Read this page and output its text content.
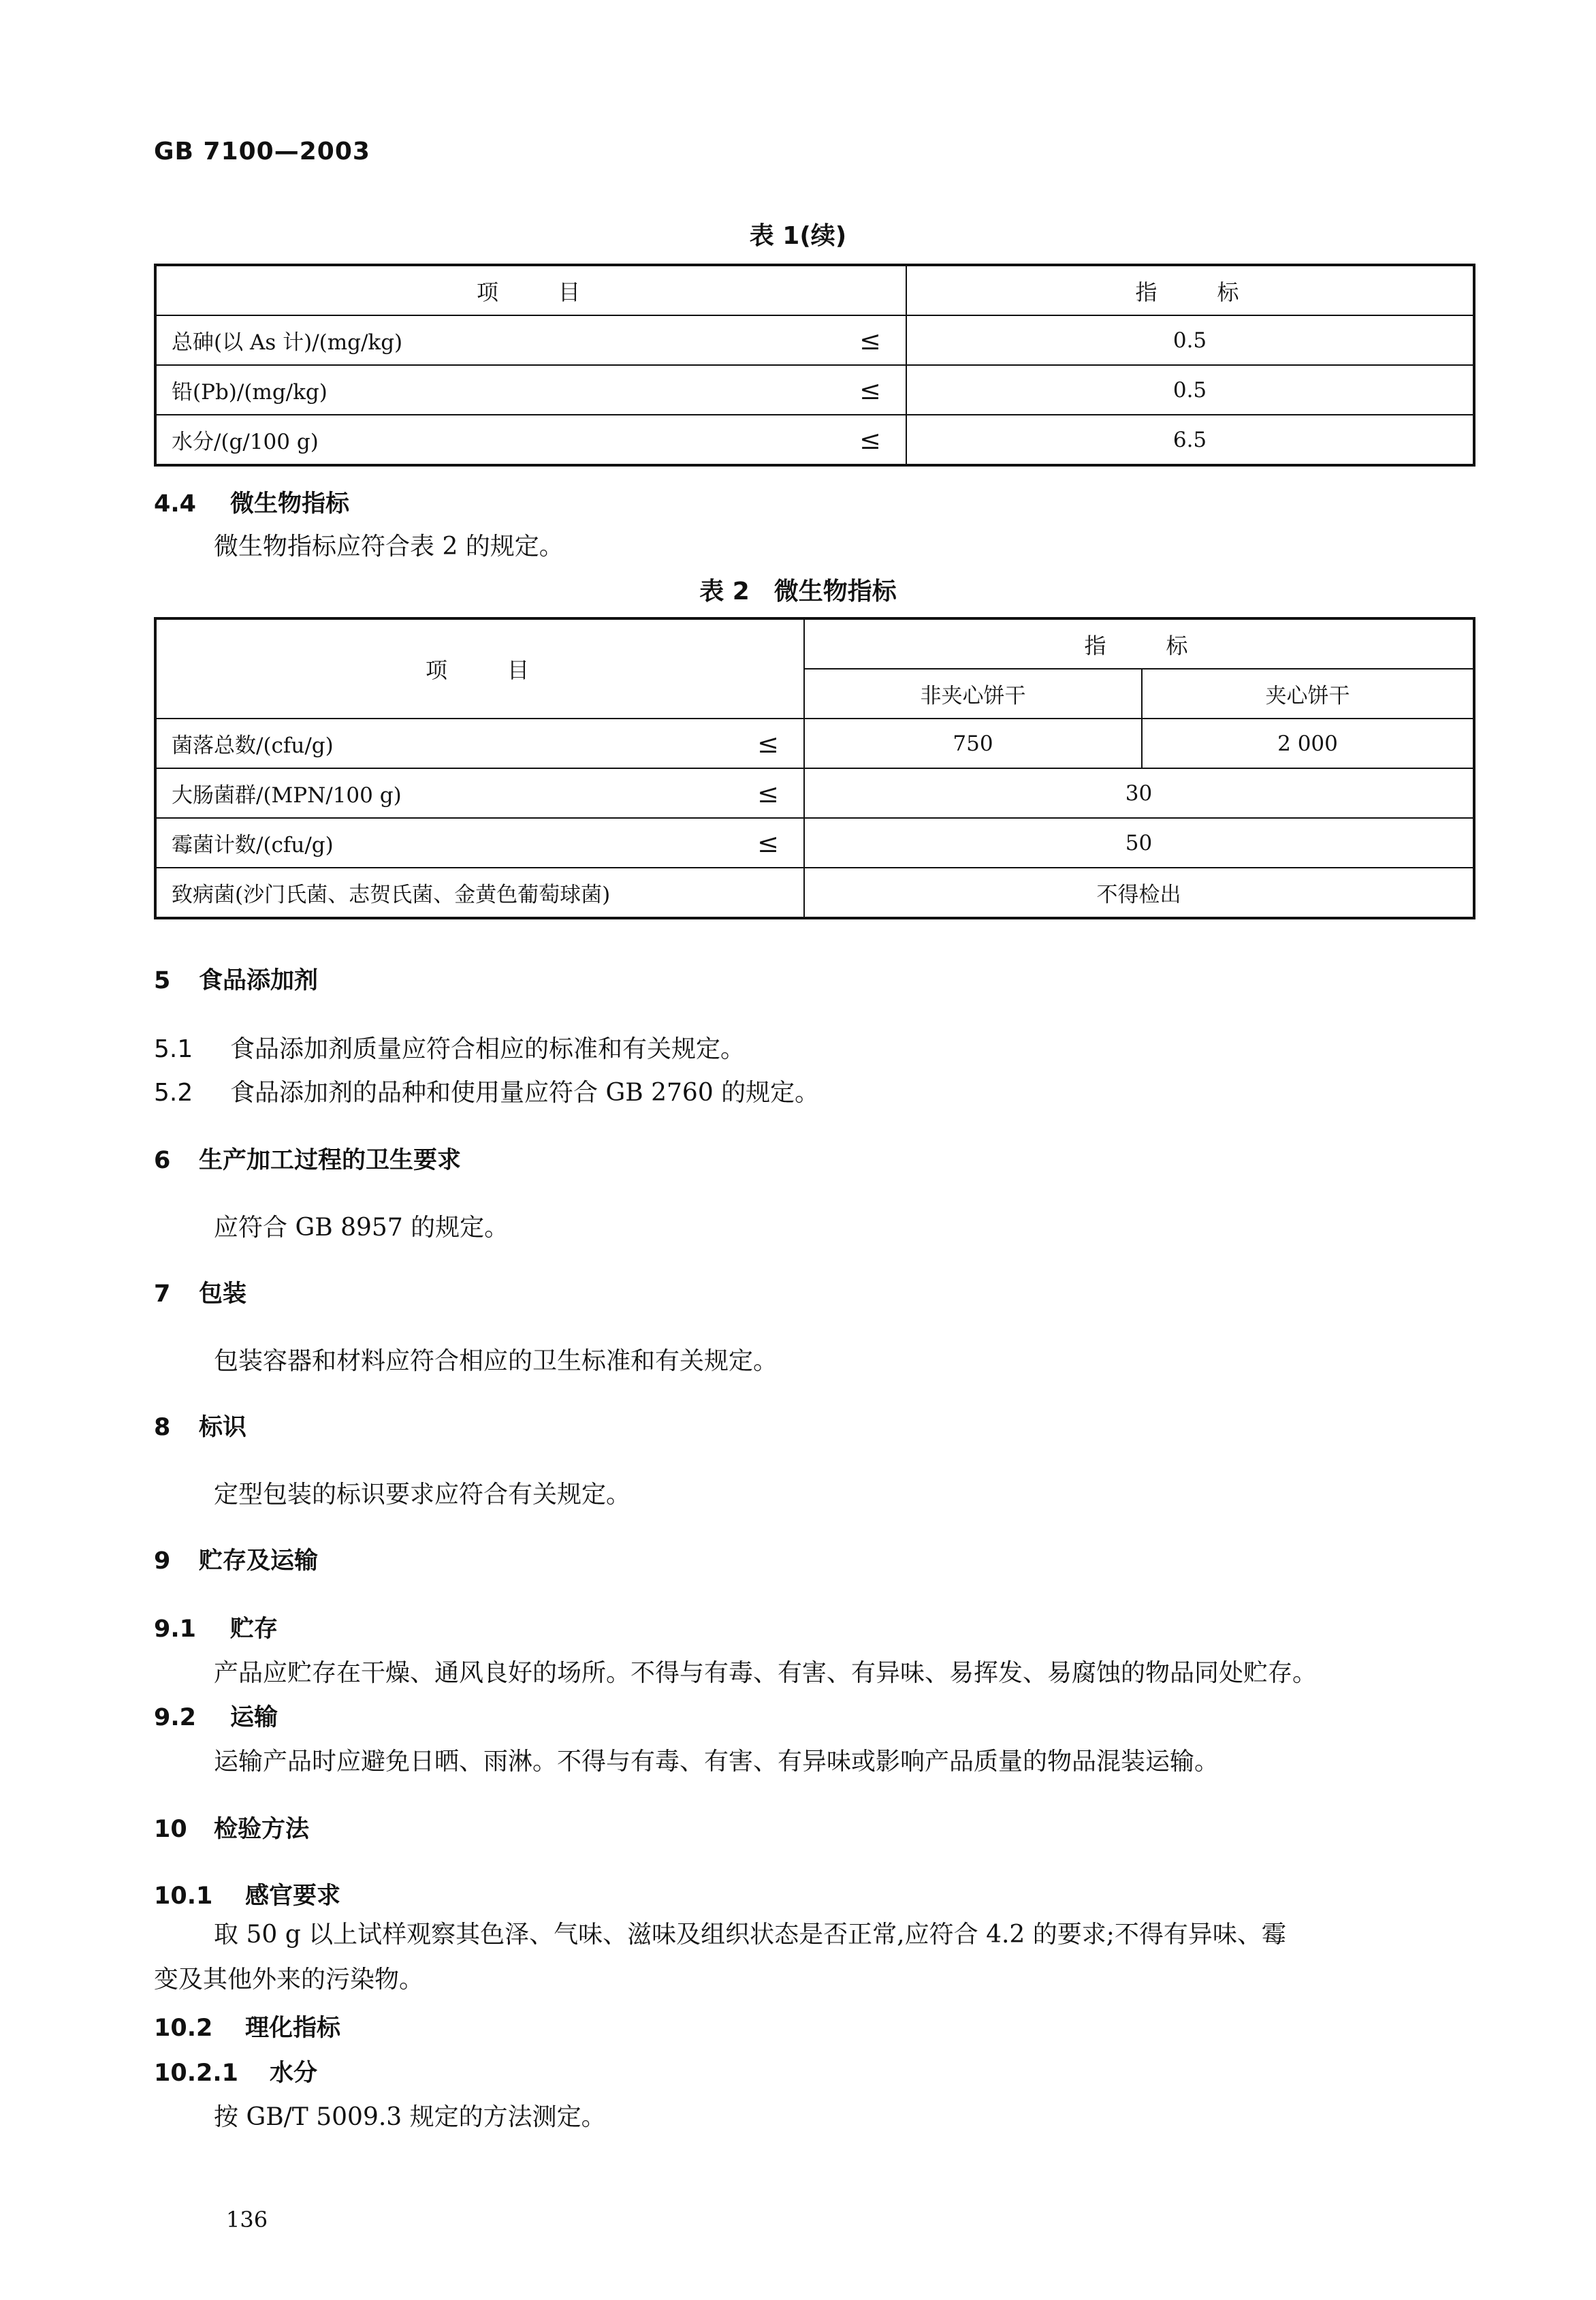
GB 7100—2003
表 1(续)
项　　目	指　　标

总砷(以 As 计)/(mg/kg) ≤	0.5

铅(Pb)/(mg/kg) ≤	0.5

水分/(g/100 g) ≤	6.5
4.4 微生物指标
微生物指标应符合表 2 的规定。
表 2　微生物指标
项　　目	指　　标	
	非夹心饼干	夹心饼干

菌落总数/(cfu/g) ≤	750	2 000

大肠菌群/(MPN/100 g) ≤	30	

霉菌计数/(cfu/g) ≤	50	
致病菌(沙门氏菌、志贺氏菌、金黄色葡萄球菌)	不得检出	
5 食品添加剂
5.1 食品添加剂质量应符合相应的标准和有关规定。
5.2 食品添加剂的品种和使用量应符合 GB 2760 的规定。
6 生产加工过程的卫生要求
应符合 GB 8957 的规定。
7 包装
包装容器和材料应符合相应的卫生标准和有关规定。
8 标识
定型包装的标识要求应符合有关规定。
9 贮存及运输
9.1 贮存
产品应贮存在干燥、通风良好的场所。不得与有毒、有害、有异味、易挥发、易腐蚀的物品同处贮存。
9.2 运输
运输产品时应避免日晒、雨淋。不得与有毒、有害、有异味或影响产品质量的物品混装运输。
10 检验方法
10.1 感官要求
取 50 g 以上试样观察其色泽、气味、滋味及组织状态是否正常,应符合 4.2 的要求;不得有异味、霉
变及其他外来的污染物。
10.2 理化指标
10.2.1 水分
按 GB/T 5009.3 规定的方法测定。
136
